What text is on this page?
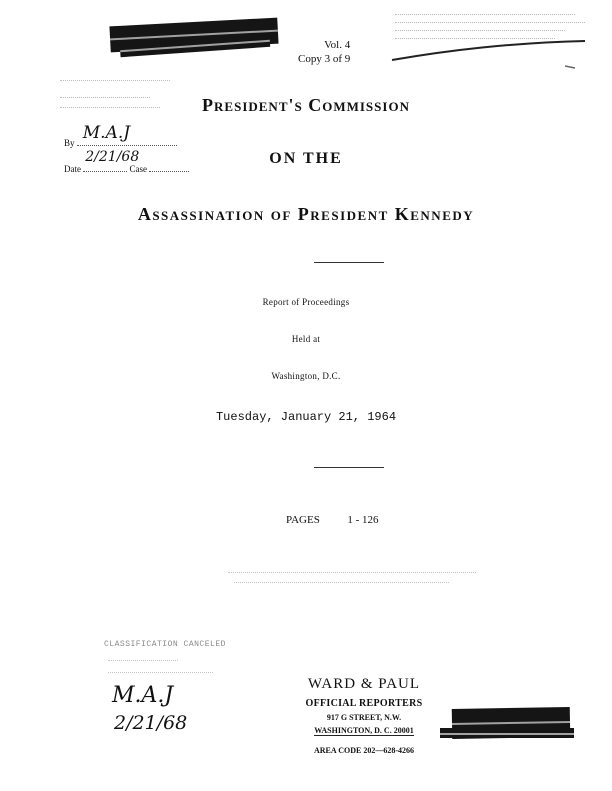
Vol. 4
Copy 3 of 9
By M.A.J
Date
2/21/68
Case
President's Commission
ON THE
Assassination of President Kennedy
Report of Proceedings
Held at
Washington, D.C.
Tuesday, January 21, 1964
PAGES	1 - 126
CLASSIFICATION CANCELED
M.A.J
2/21/68
WARD & PAUL
OFFICIAL REPORTERS
917 G STREET, N.W.
WASHINGTON, D. C. 20001
AREA CODE 202—628-4266
